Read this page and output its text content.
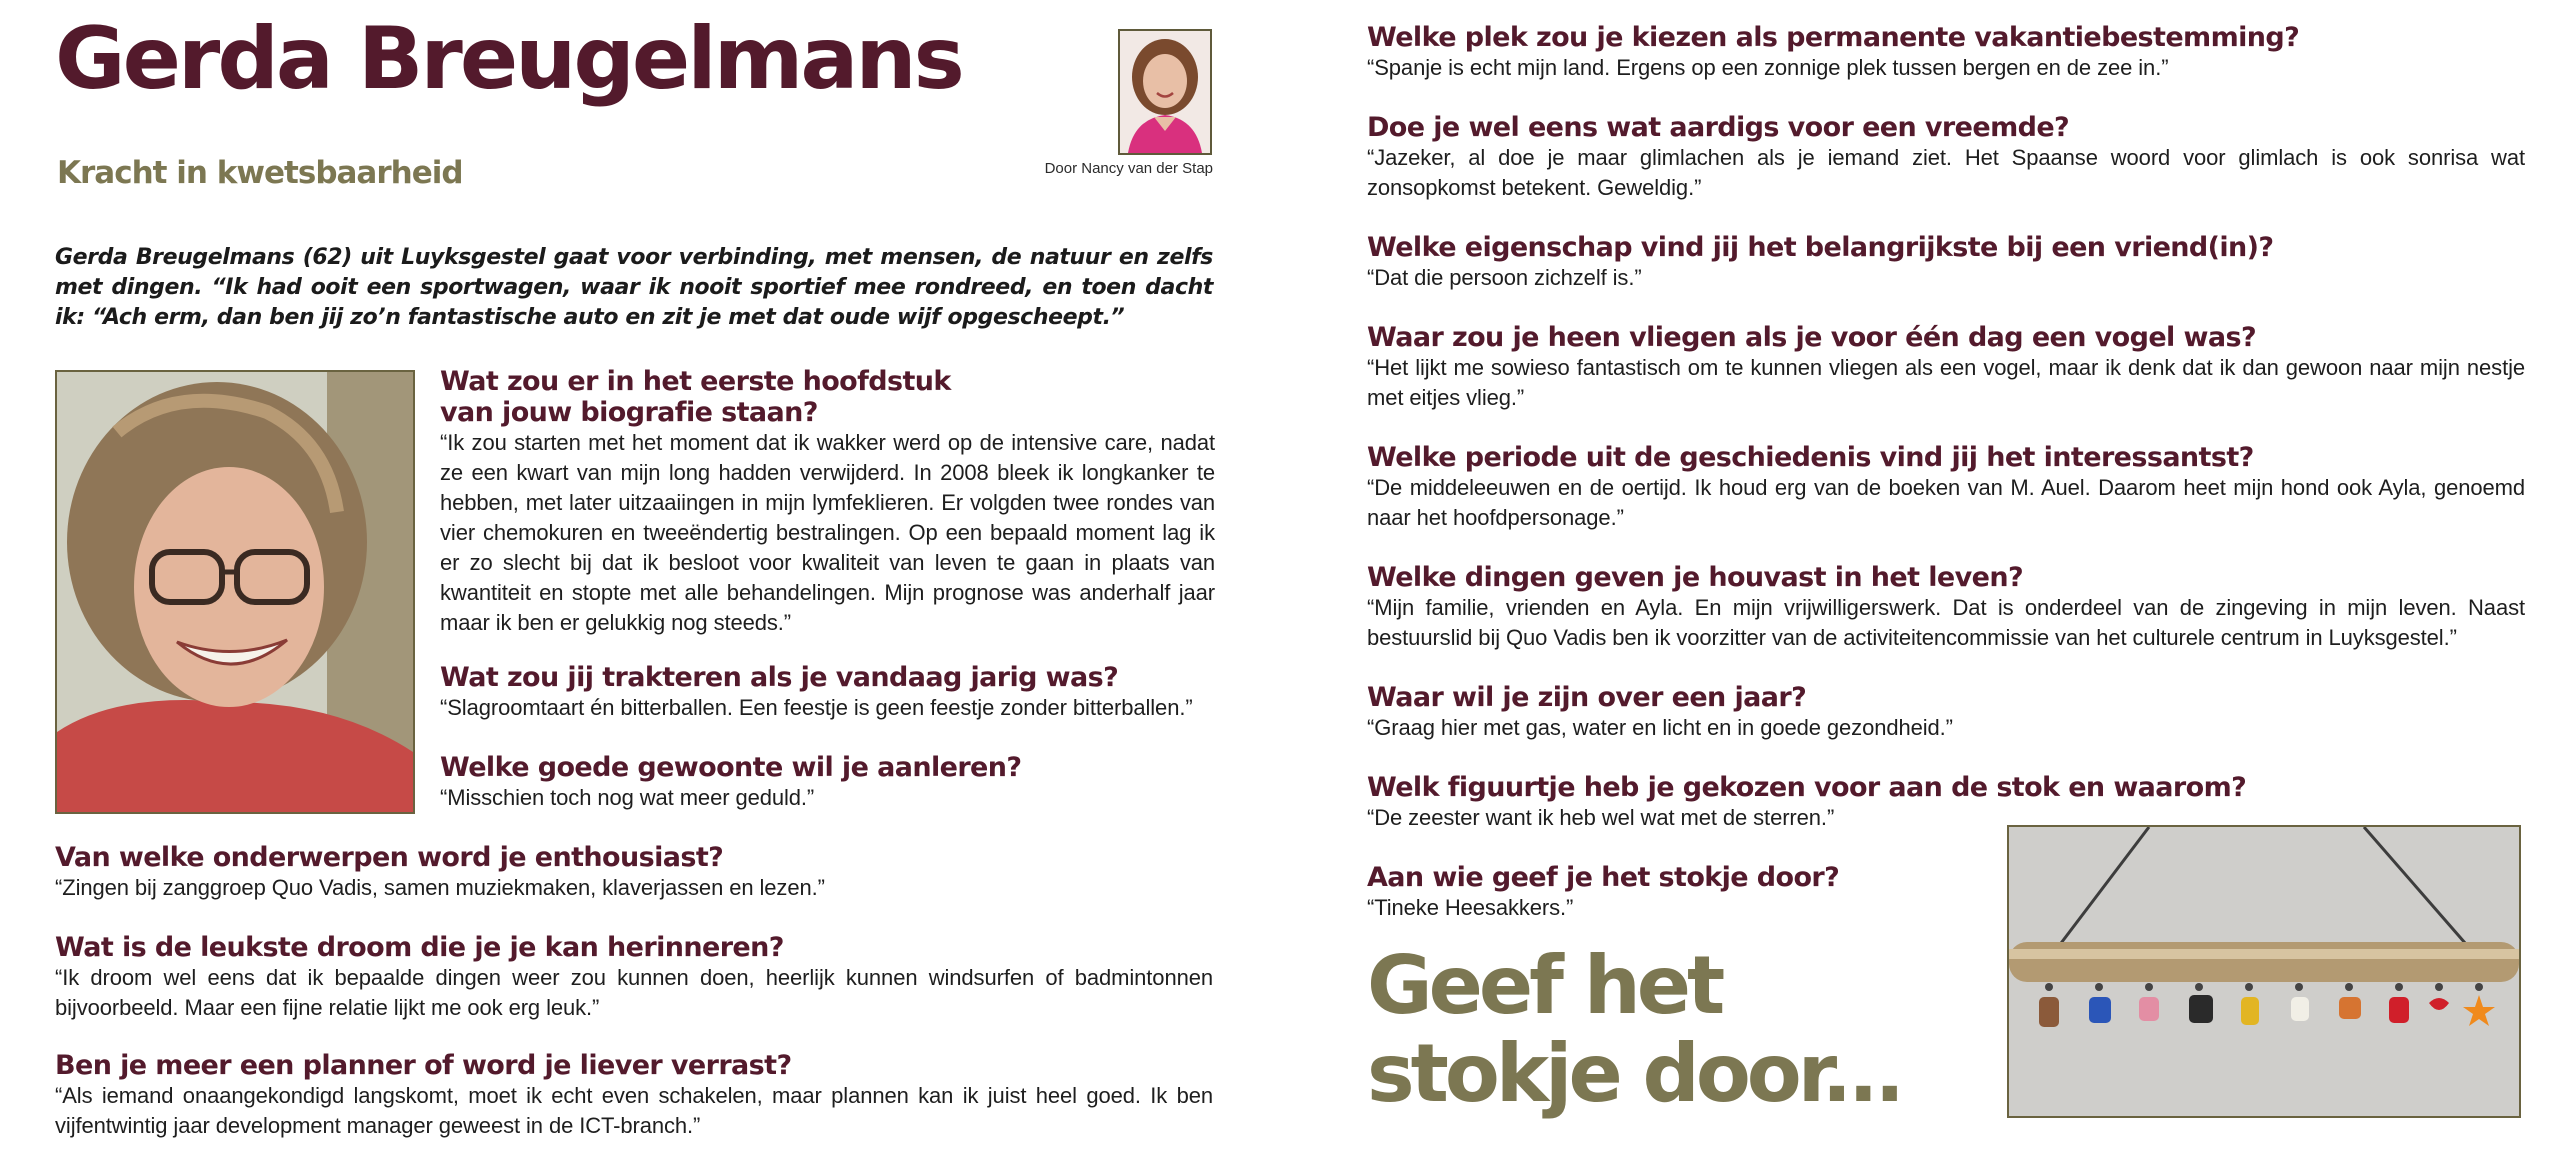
Gerda Breugelmans
Kracht in kwetsbaarheid	Door Nancy van der Stap

Gerda Breugelmans (62) uit Luyksgestel gaat voor verbinding, met mensen, de natuur en zelfs met dingen. “Ik had ooit een sportwagen, waar ik nooit sportief mee rondreed, en toen dacht ik: “Ach erm, dan ben jij zo’n fantastische auto en zit je met dat oude wijf opgescheept.”

Wat zou er in het eerste hoofdstuk van jouw biografie staan?

“Ik zou starten met het moment dat ik wakker werd op de intensive care, nadat ze een kwart van mijn long hadden verwijderd. In 2008 bleek ik longkanker te hebben, met later uitzaaiingen in mijn lymfeklieren. Er volgden twee rondes van vier chemokuren en tweeëndertig bestralingen. Op een bepaald moment lag ik er zo slecht bij dat ik besloot voor kwaliteit van leven te gaan in plaats van kwantiteit en stopte met alle behandelingen. Mijn prognose was anderhalf jaar maar ik ben er gelukkig nog steeds.”

Wat zou jij trakteren als je vandaag jarig was?

“Slagroomtaart én bitterballen. Een feestje is geen feestje zonder bitterballen.”

Welke goede gewoonte wil je aanleren?

“Misschien toch nog wat meer geduld.”

Van welke onderwerpen word je enthousiast?

“Zingen bij zanggroep Quo Vadis, samen muziekmaken, klaverjassen en lezen.”

Wat is de leukste droom die je je kan herinneren?

“Ik droom wel eens dat ik bepaalde dingen weer zou kunnen doen, heerlijk kunnen windsurfen of badmintonnen bijvoorbeeld. Maar een fijne relatie lijkt me ook erg leuk.”

Ben je meer een planner of word je liever verrast?

“Als iemand onaangekondigd langskomt, moet ik echt even schakelen, maar plannen kan ik juist heel goed. Ik ben vijfentwintig jaar development manager geweest in de ICT-branch.”

Welke plek zou je kiezen als permanente vakantiebestemming?

“Spanje is echt mijn land. Ergens op een zonnige plek tussen bergen en de zee in.”

Doe je wel eens wat aardigs voor een vreemde?

“Jazeker, al doe je maar glimlachen als je iemand ziet. Het Spaanse woord voor glimlach is ook sonrisa wat zonsopkomst betekent. Geweldig.”

Welke eigenschap vind jij het belangrijkste bij een vriend(in)?

“Dat die persoon zichzelf is.”

Waar zou je heen vliegen als je voor één dag een vogel was?

“Het lijkt me sowieso fantastisch om te kunnen vliegen als een vogel, maar ik denk dat ik dan gewoon naar mijn nestje met eitjes vlieg.”

Welke periode uit de geschiedenis vind jij het interessantst?

“De middeleeuwen en de oertijd. Ik houd erg van de boeken van M. Auel. Daarom heet mijn hond ook Ayla, genoemd naar het hoofdpersonage.”

Welke dingen geven je houvast in het leven?

“Mijn familie, vrienden en Ayla. En mijn vrijwilligerswerk. Dat is onderdeel van de zingeving in mijn leven. Naast bestuurslid bij Quo Vadis ben ik voorzitter van de activiteitencommissie van het culturele centrum in Luyksgestel.”

Waar wil je zijn over een jaar?

“Graag hier met gas, water en licht en in goede gezondheid.”

Welk figuurtje heb je gekozen voor aan de stok en waarom?

“De zeester want ik heb wel wat met de sterren.”

Aan wie geef je het stokje door?

“Tineke Heesakkers.”

Geef het
stokje door...
